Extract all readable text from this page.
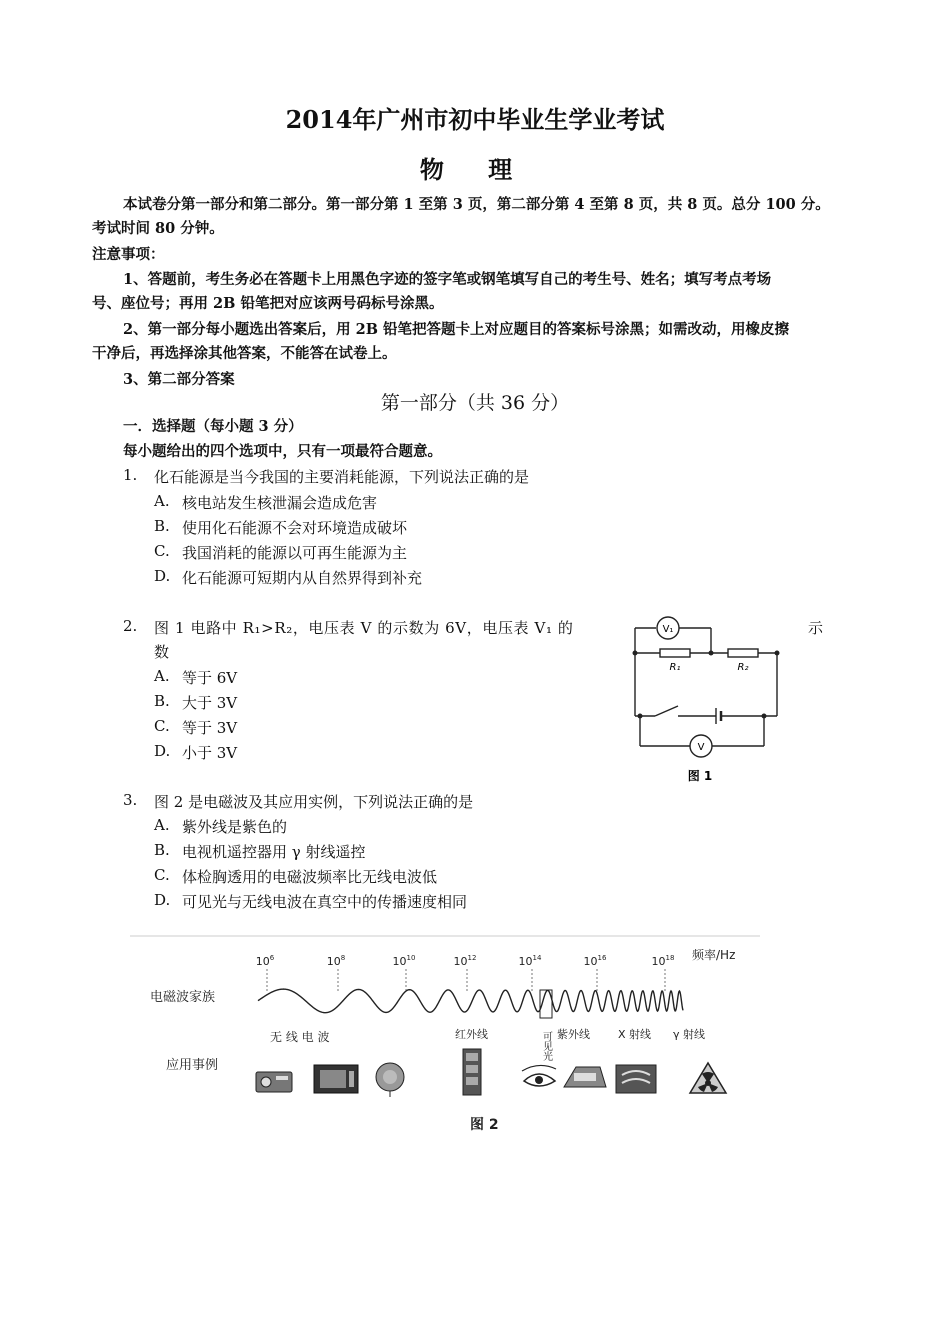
2014年广州市初中毕业生学业考试
物 理
本试卷分第一部分和第二部分。第一部分第 1 至第 3 页，第二部分第 4 至第 8 页，共 8 页。总分 100 分。
考试时间 80 分钟。
注意事项：
1、答题前，考生务必在答题卡上用黑色字迹的签字笔或钢笔填写自己的考生号、姓名；填写考点考场
号、座位号；再用 2B 铅笔把对应该两号码标号涂黑。
2、第一部分每小题选出答案后，用 2B 铅笔把答题卡上对应题目的答案标号涂黑；如需改动，用橡皮擦
干净后，再选择涂其他答案，不能答在试卷上。
3、第二部分答案
第一部分（共 36 分）
一．选择题（每小题 3 分）
每小题给出的四个选项中，只有一项最符合题意。
1. 化石能源是当今我国的主要消耗能源，下列说法正确的是
A. 核电站发生核泄漏会造成危害
B. 使用化石能源不会对环境造成破坏
C. 我国消耗的能源以可再生能源为主
D. 化石能源可短期内从自然界得到补充
2. 图 1 电路中 R₁>R₂，电压表 V 的示数为 6V，电压表 V₁ 的	示
数
A. 等于 6V
B. 大于 3V
C. 等于 3V
D. 小于 3V
V₁
V
R₁	R₂
图 1
3. 图 2 是电磁波及其应用实例，下列说法正确的是
A. 紫外线是紫色的
B. 电视机遥控器用 γ 射线遥控
C. 体检胸透用的电磁波频率比无线电波低
D. 可见光与无线电波在真空中的传播速度相同
$10^6$	$10^8$	$10^{10}$	$10^{12}$	$10^{14}$	$10^{16}$	$10^{18}$ 频率/Hz
电磁波家族
应用事例
无 线 电 波	红外线	可见光 紫外线	X 射线 γ 射线
图 2
